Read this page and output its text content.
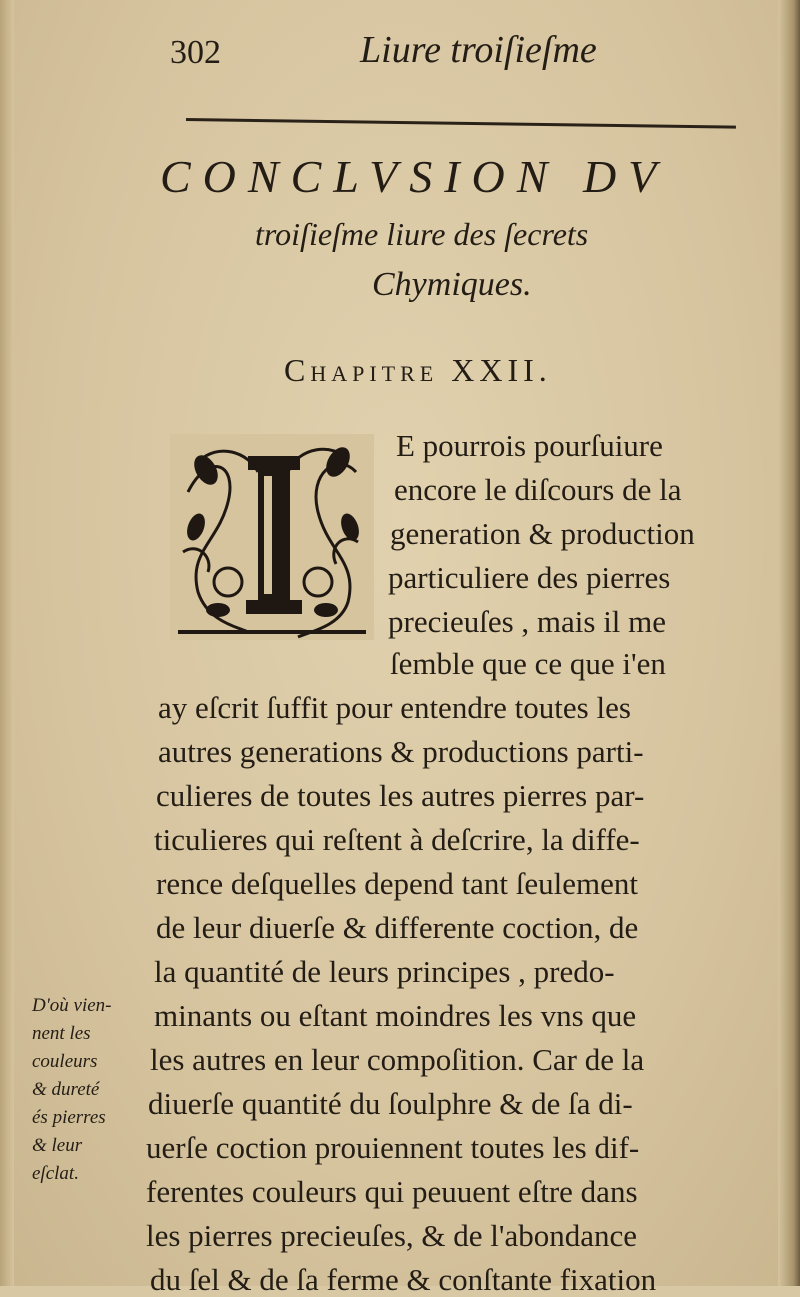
302	Liure troiſieſme
CONCLVSION DV
troiſieſme liure des ſecrets
Chymiques.
Chapitre XXII.
E pourrois pourſuiure
encore le diſcours de la
generation & production
particuliere des pierres
precieuſes , mais il me
ſemble que ce que i'en
ay eſcrit ſuffit pour entendre toutes les
autres generations & productions parti-
culieres de toutes les autres pierres par-
ticulieres qui reſtent à deſcrire, la diffe-
rence deſquelles depend tant ſeulement
de leur diuerſe & differente coction, de
la quantité de leurs principes , predo-
minants ou eſtant moindres les vns que
les autres en leur compoſition. Car de la
diuerſe quantité du ſoulphre & de ſa di-
uerſe coction prouiennent toutes les dif-
ferentes couleurs qui peuuent eſtre dans
les pierres precieuſes, & de l'abondance
du ſel & de ſa ferme & conſtante fixation
D'où vien-
nent les
couleurs
& dureté
és pierres
& leur
eſclat.
